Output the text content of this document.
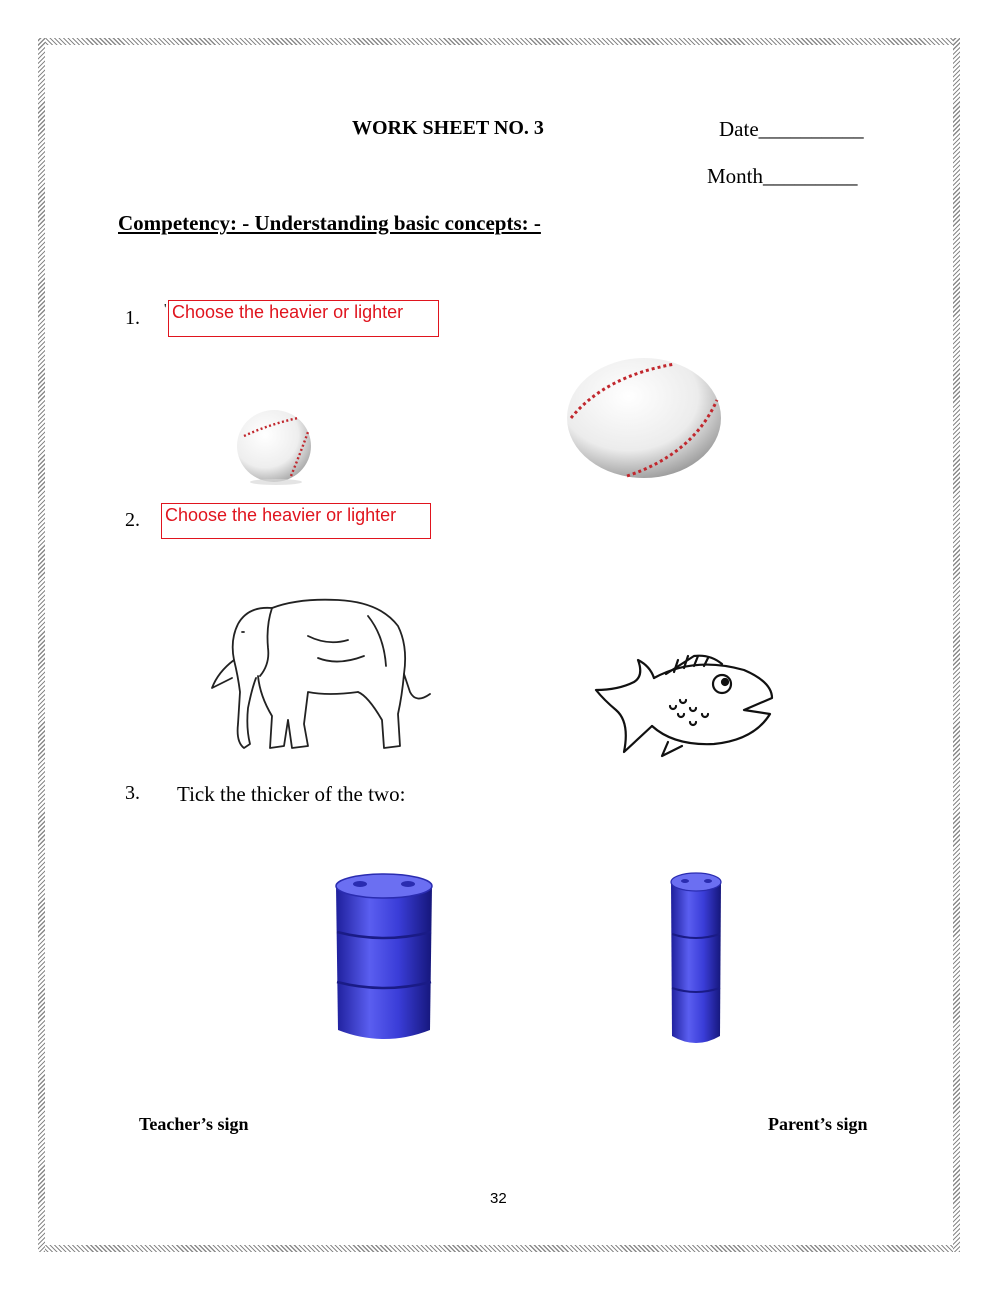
WORK SHEET NO. 3	Date__________
Month_________
Competency: - Understanding basic concepts: -
1. ' Choose the heavier or lighter
2. Choose the heavier or lighter
3. Tick the thicker of the two:
Teacher’s sign	Parent’s sign
32
